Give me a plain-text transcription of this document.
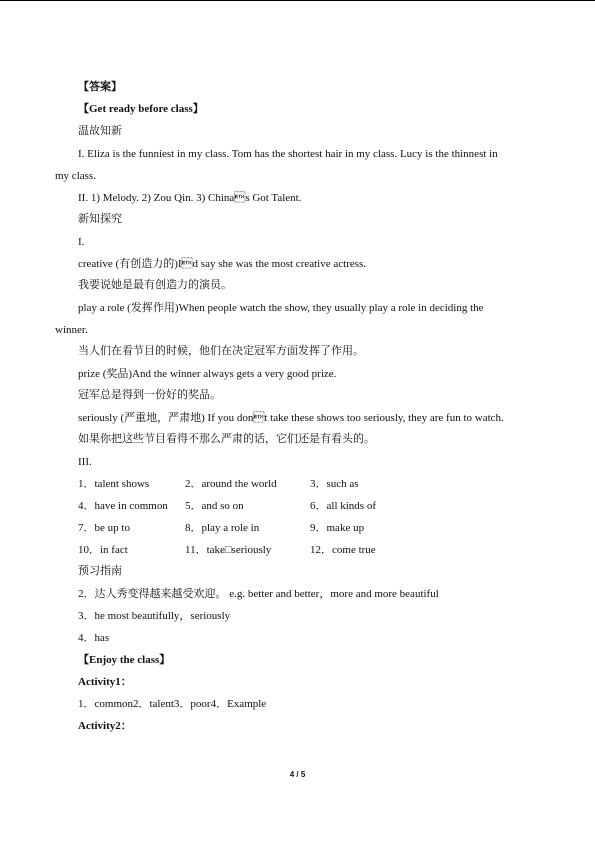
【答案】
【Get ready before class】
温故知新
I. Eliza is the funniest in my class. Tom has the shortest hair in my class. Lucy is the thinnest in
my class.
II. 1) Melody. 2) Zou Qin. 3) Chinas Got Talent.
新知探究
I.
creative (有创造力的)Id say she was the most creative actress.
我要说她是最有创造力的演员。
play a role (发挥作用)When people watch the show, they usually play a role in deciding the
winner.
当人们在看节目的时候，他们在决定冠军方面发挥了作用。
prize (奖品)And the winner always gets a very good prize.
冠军总是得到一份好的奖品。
seriously (严重地，严肃地) If you dont take these shows too seriously, they are fun to watch.
如果你把这些节目看得不那么严肃的话，它们还是有看头的。
III.
1．talent shows	2．around the world	3．such as
4．have in common 5．and so on	6．all kinds of
7．be up to	8．play a role in	9．make up
10．in fact	11．take□seriously	12．come true
预习指南
2．达人秀变得越来越受欢迎。 e.g. better and better，more and more beautiful
3．he most beautifully，seriously
4．has
【Enjoy the class】
Activity1：
1．common2．talent3．poor4．Example
Activity2：
4 / 5
